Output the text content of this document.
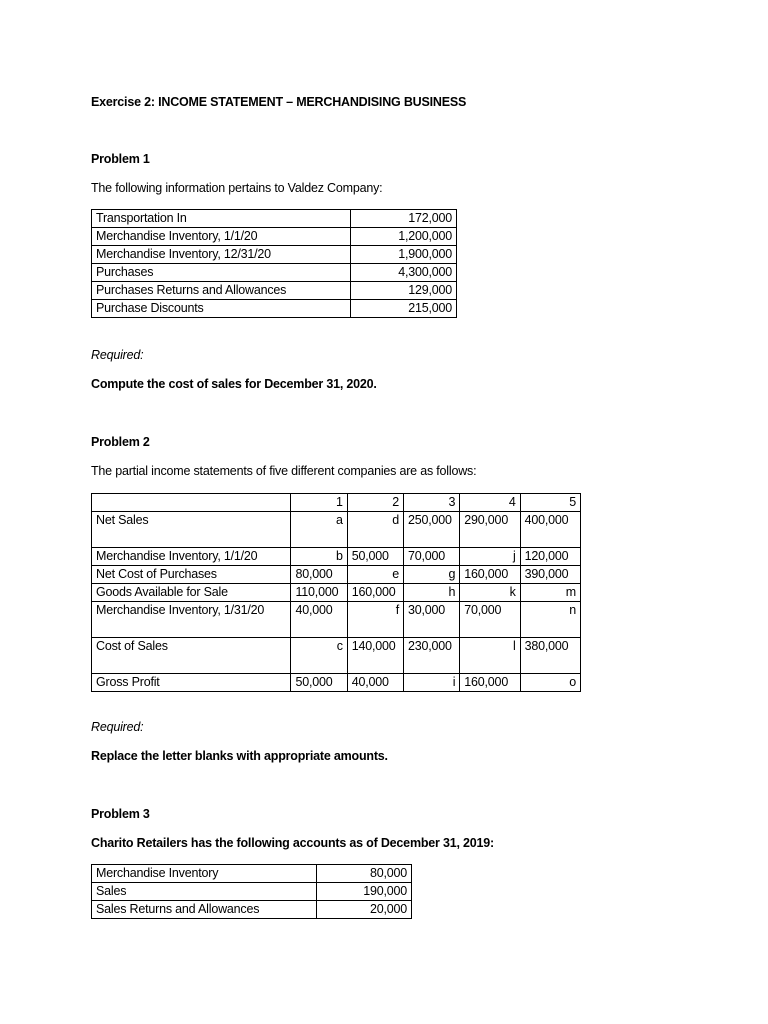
Exercise 2: INCOME STATEMENT – MERCHANDISING BUSINESS
Problem 1
The following information pertains to Valdez Company:
Transportation In	172,000
Merchandise Inventory, 1/1/20	1,200,000
Merchandise Inventory, 12/31/20	1,900,000
Purchases	4,300,000
Purchases Returns and Allowances	129,000
Purchase Discounts	215,000
Required:
Compute the cost of sales for December 31, 2020.
Problem 2
The partial income statements of five different companies are as follows:
	1	2	3	4	5
Net Sales	a	d	250,000	290,000	400,000
Merchandise Inventory, 1/1/20	b	50,000	70,000	j	120,000
Net Cost of Purchases	80,000	e	g	160,000	390,000
Goods Available for Sale	110,000	160,000	h	k	m
Merchandise Inventory, 1/31/20	40,000	f	30,000	70,000	n
Cost of Sales	c	140,000	230,000	l	380,000
Gross Profit	50,000	40,000	i	160,000	o
Required:
Replace the letter blanks with appropriate amounts.
Problem 3
Charito Retailers has the following accounts as of December 31, 2019:
Merchandise Inventory	80,000
Sales	190,000
Sales Returns and Allowances	20,000
